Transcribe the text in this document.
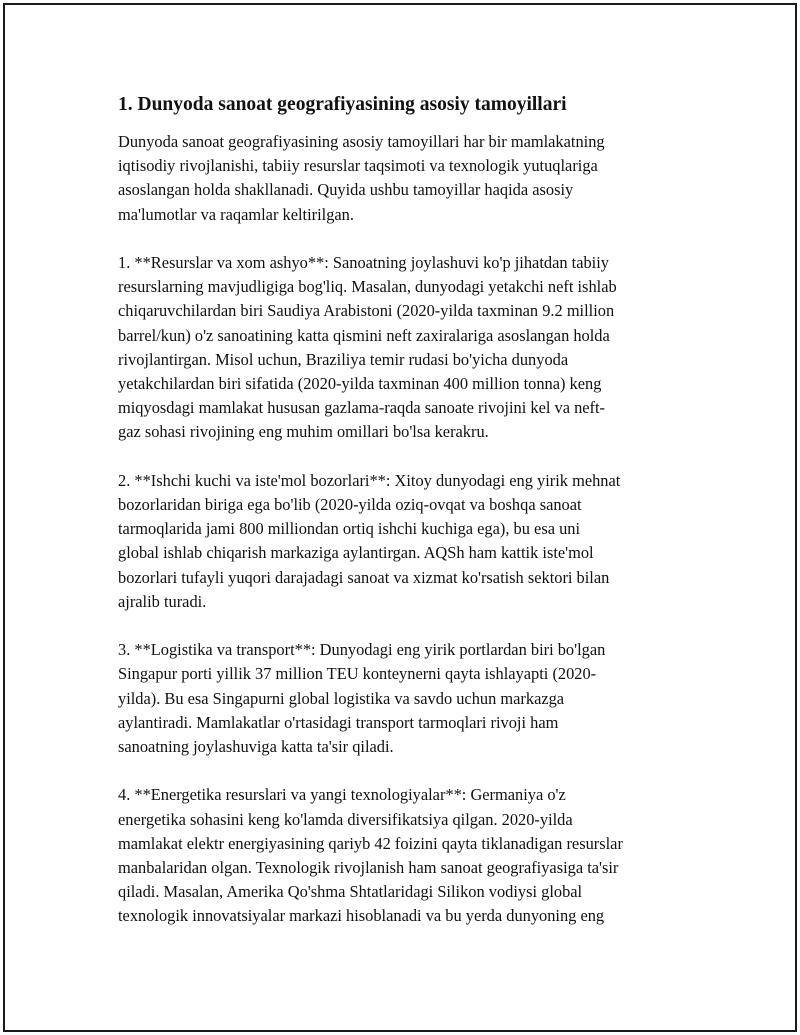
1. Dunyoda sanoat geografiyasining asosiy tamoyillari

Dunyoda sanoat geografiyasining asosiy tamoyillari har bir mamlakatning
iqtisodiy rivojlanishi, tabiiy resurslar taqsimoti va texnologik yutuqlariga
asoslangan holda shakllanadi. Quyida ushbu tamoyillar haqida asosiy
ma'lumotlar va raqamlar keltirilgan.

1. **Resurslar va xom ashyo**: Sanoatning joylashuvi ko'p jihatdan tabiiy
resurslarning mavjudligiga bog'liq. Masalan, dunyodagi yetakchi neft ishlab
chiqaruvchilardan biri Saudiya Arabistoni (2020-yilda taxminan 9.2 million
barrel/kun) o'z sanoatining katta qismini neft zaxiralariga asoslangan holda
rivojlantirgan. Misol uchun, Braziliya temir rudasi bo'yicha dunyoda
yetakchilardan biri sifatida (2020-yilda taxminan 400 million tonna) keng
miqyosdagi mamlakat hususan gazlama-raqda sanoate rivojini kel va neft-
gaz sohasi rivojining eng muhim omillari bo'lsa kerakru.

2. **Ishchi kuchi va iste'mol bozorlari**: Xitoy dunyodagi eng yirik mehnat
bozorlaridan biriga ega bo'lib (2020-yilda oziq-ovqat va boshqa sanoat
tarmoqlarida jami 800 milliondan ortiq ishchi kuchiga ega), bu esa uni
global ishlab chiqarish markaziga aylantirgan. AQSh ham kattik iste'mol
bozorlari tufayli yuqori darajadagi sanoat va xizmat ko'rsatish sektori bilan
ajralib turadi.

3. **Logistika va transport**: Dunyodagi eng yirik portlardan biri bo'lgan
Singapur porti yillik 37 million TEU konteynerni qayta ishlayapti (2020-
yilda). Bu esa Singapurni global logistika va savdo uchun markazga
aylantiradi. Mamlakatlar o'rtasidagi transport tarmoqlari rivoji ham
sanoatning joylashuviga katta ta'sir qiladi.

4. **Energetika resurslari va yangi texnologiyalar**: Germaniya o'z
energetika sohasini keng ko'lamda diversifikatsiya qilgan. 2020-yilda
mamlakat elektr energiyasining qariyb 42 foizini qayta tiklanadigan resurslar
manbalaridan olgan. Texnologik rivojlanish ham sanoat geografiyasiga ta'sir
qiladi. Masalan, Amerika Qo'shma Shtatlaridagi Silikon vodiysi global
texnologik innovatsiyalar markazi hisoblanadi va bu yerda dunyoning eng
